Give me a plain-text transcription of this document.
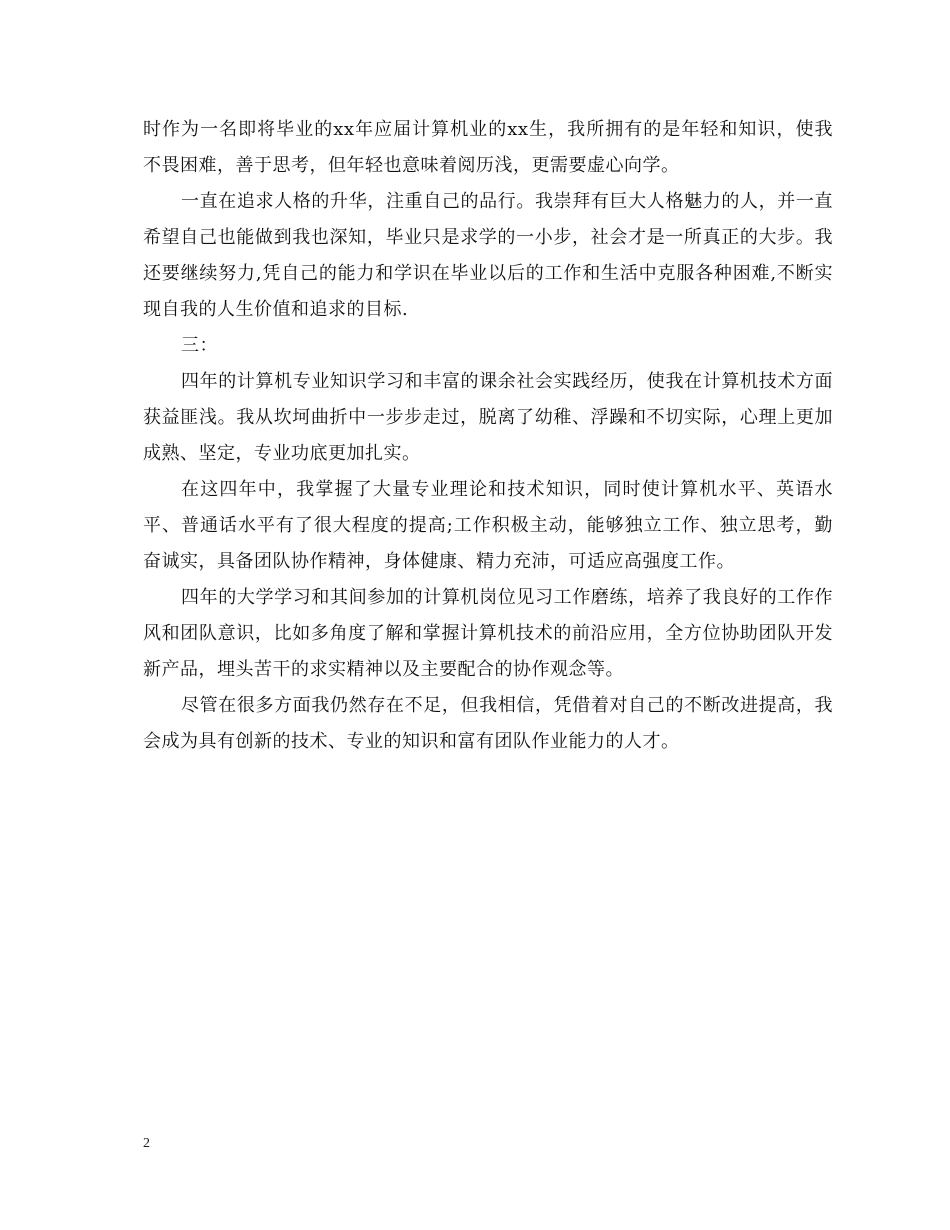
时作为一名即将毕业的xx年应届计算机业的xx生，我所拥有的是年轻和知识，使我不畏困难，善于思考，但年轻也意味着阅历浅，更需要虚心向学。

一直在追求人格的升华，注重自己的品行。我崇拜有巨大人格魅力的人，并一直希望自己也能做到我也深知，毕业只是求学的一小步，社会才是一所真正的大步。我还要继续努力,凭自己的能力和学识在毕业以后的工作和生活中克服各种困难,不断实现自我的人生价值和追求的目标.

三：

四年的计算机专业知识学习和丰富的课余社会实践经历，使我在计算机技术方面获益匪浅。我从坎坷曲折中一步步走过，脱离了幼稚、浮躁和不切实际，心理上更加成熟、坚定，专业功底更加扎实。

在这四年中，我掌握了大量专业理论和技术知识，同时使计算机水平、英语水平、普通话水平有了很大程度的提高;工作积极主动，能够独立工作、独立思考，勤奋诚实，具备团队协作精神，身体健康、精力充沛，可适应高强度工作。

四年的大学学习和其间参加的计算机岗位见习工作磨练，培养了我良好的工作作风和团队意识，比如多角度了解和掌握计算机技术的前沿应用，全方位协助团队开发新产品，埋头苦干的求实精神以及主要配合的协作观念等。

尽管在很多方面我仍然存在不足，但我相信，凭借着对自己的不断改进提高，我会成为具有创新的技术、专业的知识和富有团队作业能力的人才。

2
